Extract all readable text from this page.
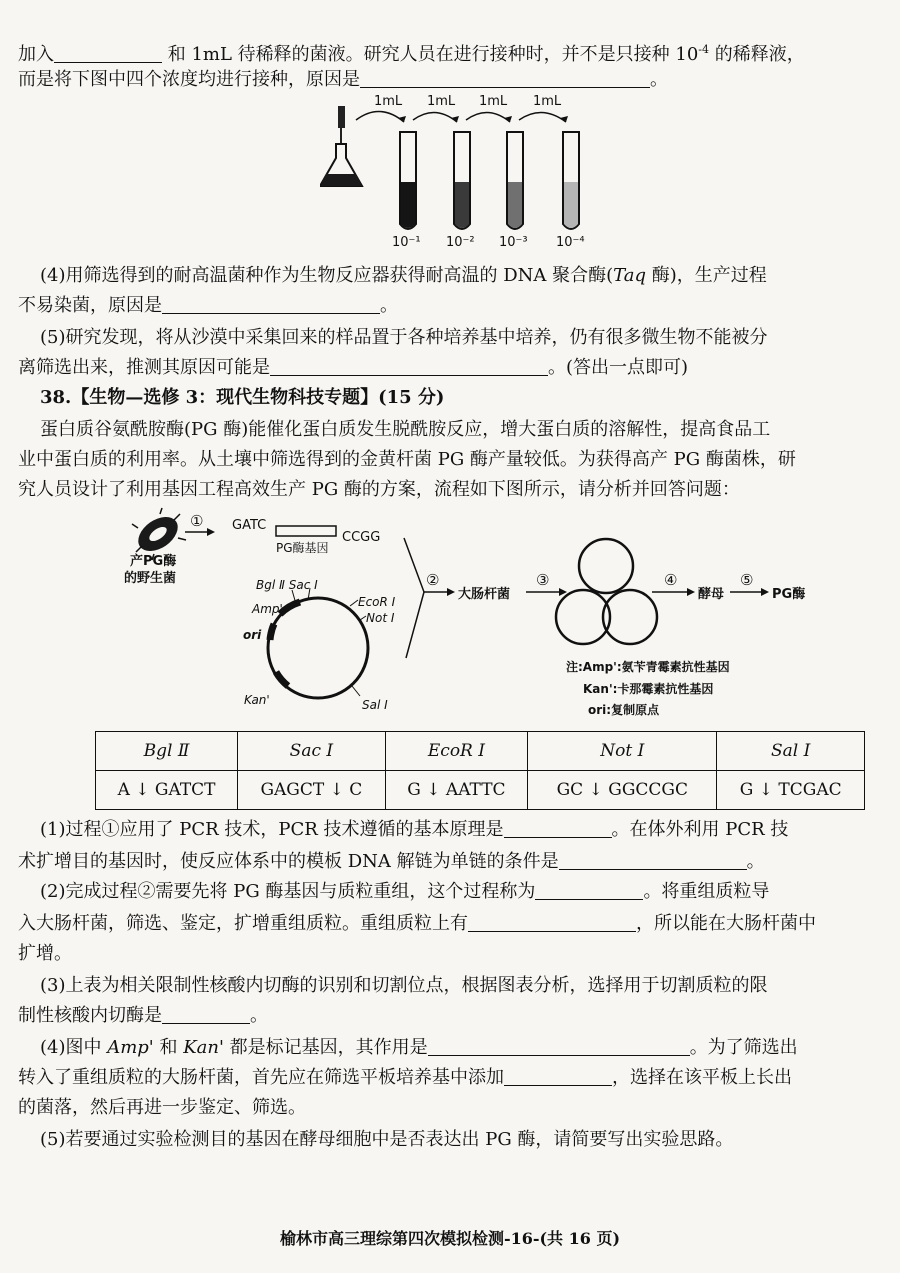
加入	和 1mL 待稀释的菌液。研究人员在进行接种时，并不是只接种 $10^{-4}$ 的稀释液，
而是将下图中四个浓度均进行接种，原因是	。
1mL 1mL 1mL 1mL
10⁻¹ 10⁻² 10⁻³ 10⁻⁴
(4)用筛选得到的耐高温菌种作为生物反应器获得耐高温的 DNA 聚合酶(Taq 酶)，生产过程
不易染菌，原因是	。
(5)研究发现，将从沙漠中采集回来的样品置于各种培养基中培养，仍有很多微生物不能被分
离筛选出来，推测其原因可能是	。(答出一点即可)
38.【生物—选修 3：现代生物科技专题】(15 分)
蛋白质谷氨酰胺酶(PG 酶)能催化蛋白质发生脱酰胺反应，增大蛋白质的溶解性，提高食品工
业中蛋白质的利用率。从土壤中筛选得到的金黄杆菌 PG 酶产量较低。为获得高产 PG 酶菌株，研
究人员设计了利用基因工程高效生产 PG 酶的方案，流程如下图所示，请分析并回答问题：
① GATC
CCGG
PG酶基因
产PG酶
的野生菌	Bgl Ⅱ Sac Ⅰ
Amp'	EcoR Ⅰ
Not Ⅰ
ori
Kan'	Sal Ⅰ
②
大肠杆菌
③	④
酵母
⑤
PG酶
注:Amp':氨苄青霉素抗性基因
Kan':卡那霉素抗性基因
ori:复制原点
Bgl Ⅱ	Sac Ⅰ	EcoR Ⅰ	Not Ⅰ	Sal Ⅰ
A ↓ GATCT	GAGCT ↓ C	G ↓ AATTC	GC ↓ GGCCGC	G ↓ TCGAC
(1)过程①应用了 PCR 技术，PCR 技术遵循的基本原理是	。在体外利用 PCR 技
术扩增目的基因时，使反应体系中的模板 DNA 解链为单链的条件是	。
(2)完成过程②需要先将 PG 酶基因与质粒重组，这个过程称为	。将重组质粒导
入大肠杆菌，筛选、鉴定，扩增重组质粒。重组质粒上有	，所以能在大肠杆菌中
扩增。
(3)上表为相关限制性核酸内切酶的识别和切割位点，根据图表分析，选择用于切割质粒的限
制性核酸内切酶是	。
(4)图中 Amp' 和 Kan' 都是标记基因，其作用是	。为了筛选出
转入了重组质粒的大肠杆菌，首先应在筛选平板培养基中添加	，选择在该平板上长出
的菌落，然后再进一步鉴定、筛选。
(5)若要通过实验检测目的基因在酵母细胞中是否表达出 PG 酶，请简要写出实验思路。
榆林市高三理综第四次模拟检测-16-(共 16 页)
